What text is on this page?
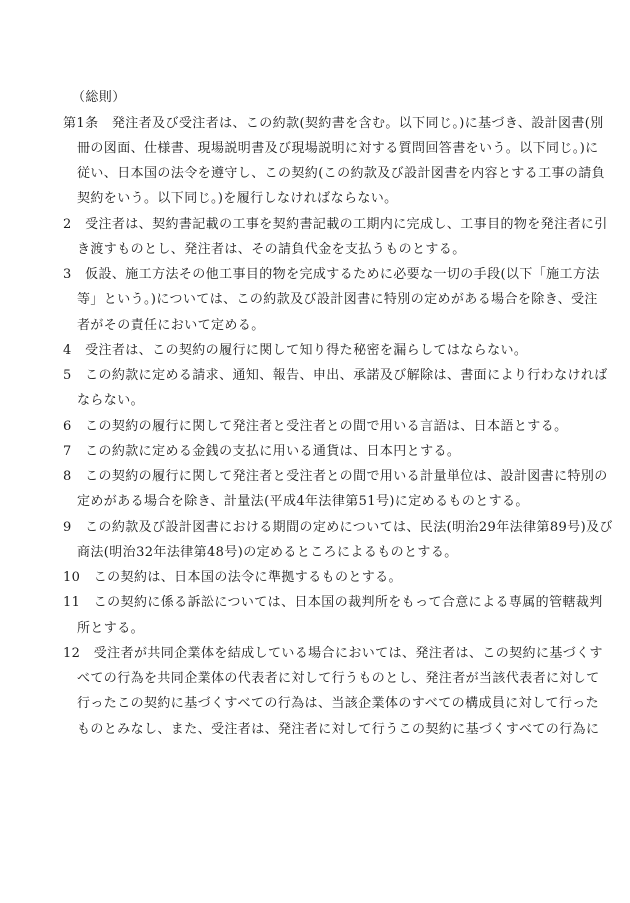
（総則）
第1条　発注者及び受注者は、この約款(契約書を含む。以下同じ。)に基づき、設計図書(別
冊の図面、仕様書、現場説明書及び現場説明に対する質問回答書をいう。以下同じ。)に
従い、日本国の法令を遵守し、この契約(この約款及び設計図書を内容とする工事の請負
契約をいう。以下同じ。)を履行しなければならない。
2　受注者は、契約書記載の工事を契約書記載の工期内に完成し、工事目的物を発注者に引
き渡すものとし、発注者は、その請負代金を支払うものとする。
3　仮設、施工方法その他工事目的物を完成するために必要な一切の手段(以下「施工方法
等」という。)については、この約款及び設計図書に特別の定めがある場合を除き、受注
者がその責任において定める。
4　受注者は、この契約の履行に関して知り得た秘密を漏らしてはならない。
5　この約款に定める請求、通知、報告、申出、承諾及び解除は、書面により行わなければ
ならない。
6　この契約の履行に関して発注者と受注者との間で用いる言語は、日本語とする。
7　この約款に定める金銭の支払に用いる通貨は、日本円とする。
8　この契約の履行に関して発注者と受注者との間で用いる計量単位は、設計図書に特別の
定めがある場合を除き、計量法(平成4年法律第51号)に定めるものとする。
9　この約款及び設計図書における期間の定めについては、民法(明治29年法律第89号)及び
商法(明治32年法律第48号)の定めるところによるものとする。
10　この契約は、日本国の法令に準拠するものとする。
11　この契約に係る訴訟については、日本国の裁判所をもって合意による専属的管轄裁判
所とする。
12　受注者が共同企業体を結成している場合においては、発注者は、この契約に基づくす
べての行為を共同企業体の代表者に対して行うものとし、発注者が当該代表者に対して
行ったこの契約に基づくすべての行為は、当該企業体のすべての構成員に対して行った
ものとみなし、また、受注者は、発注者に対して行うこの契約に基づくすべての行為に
